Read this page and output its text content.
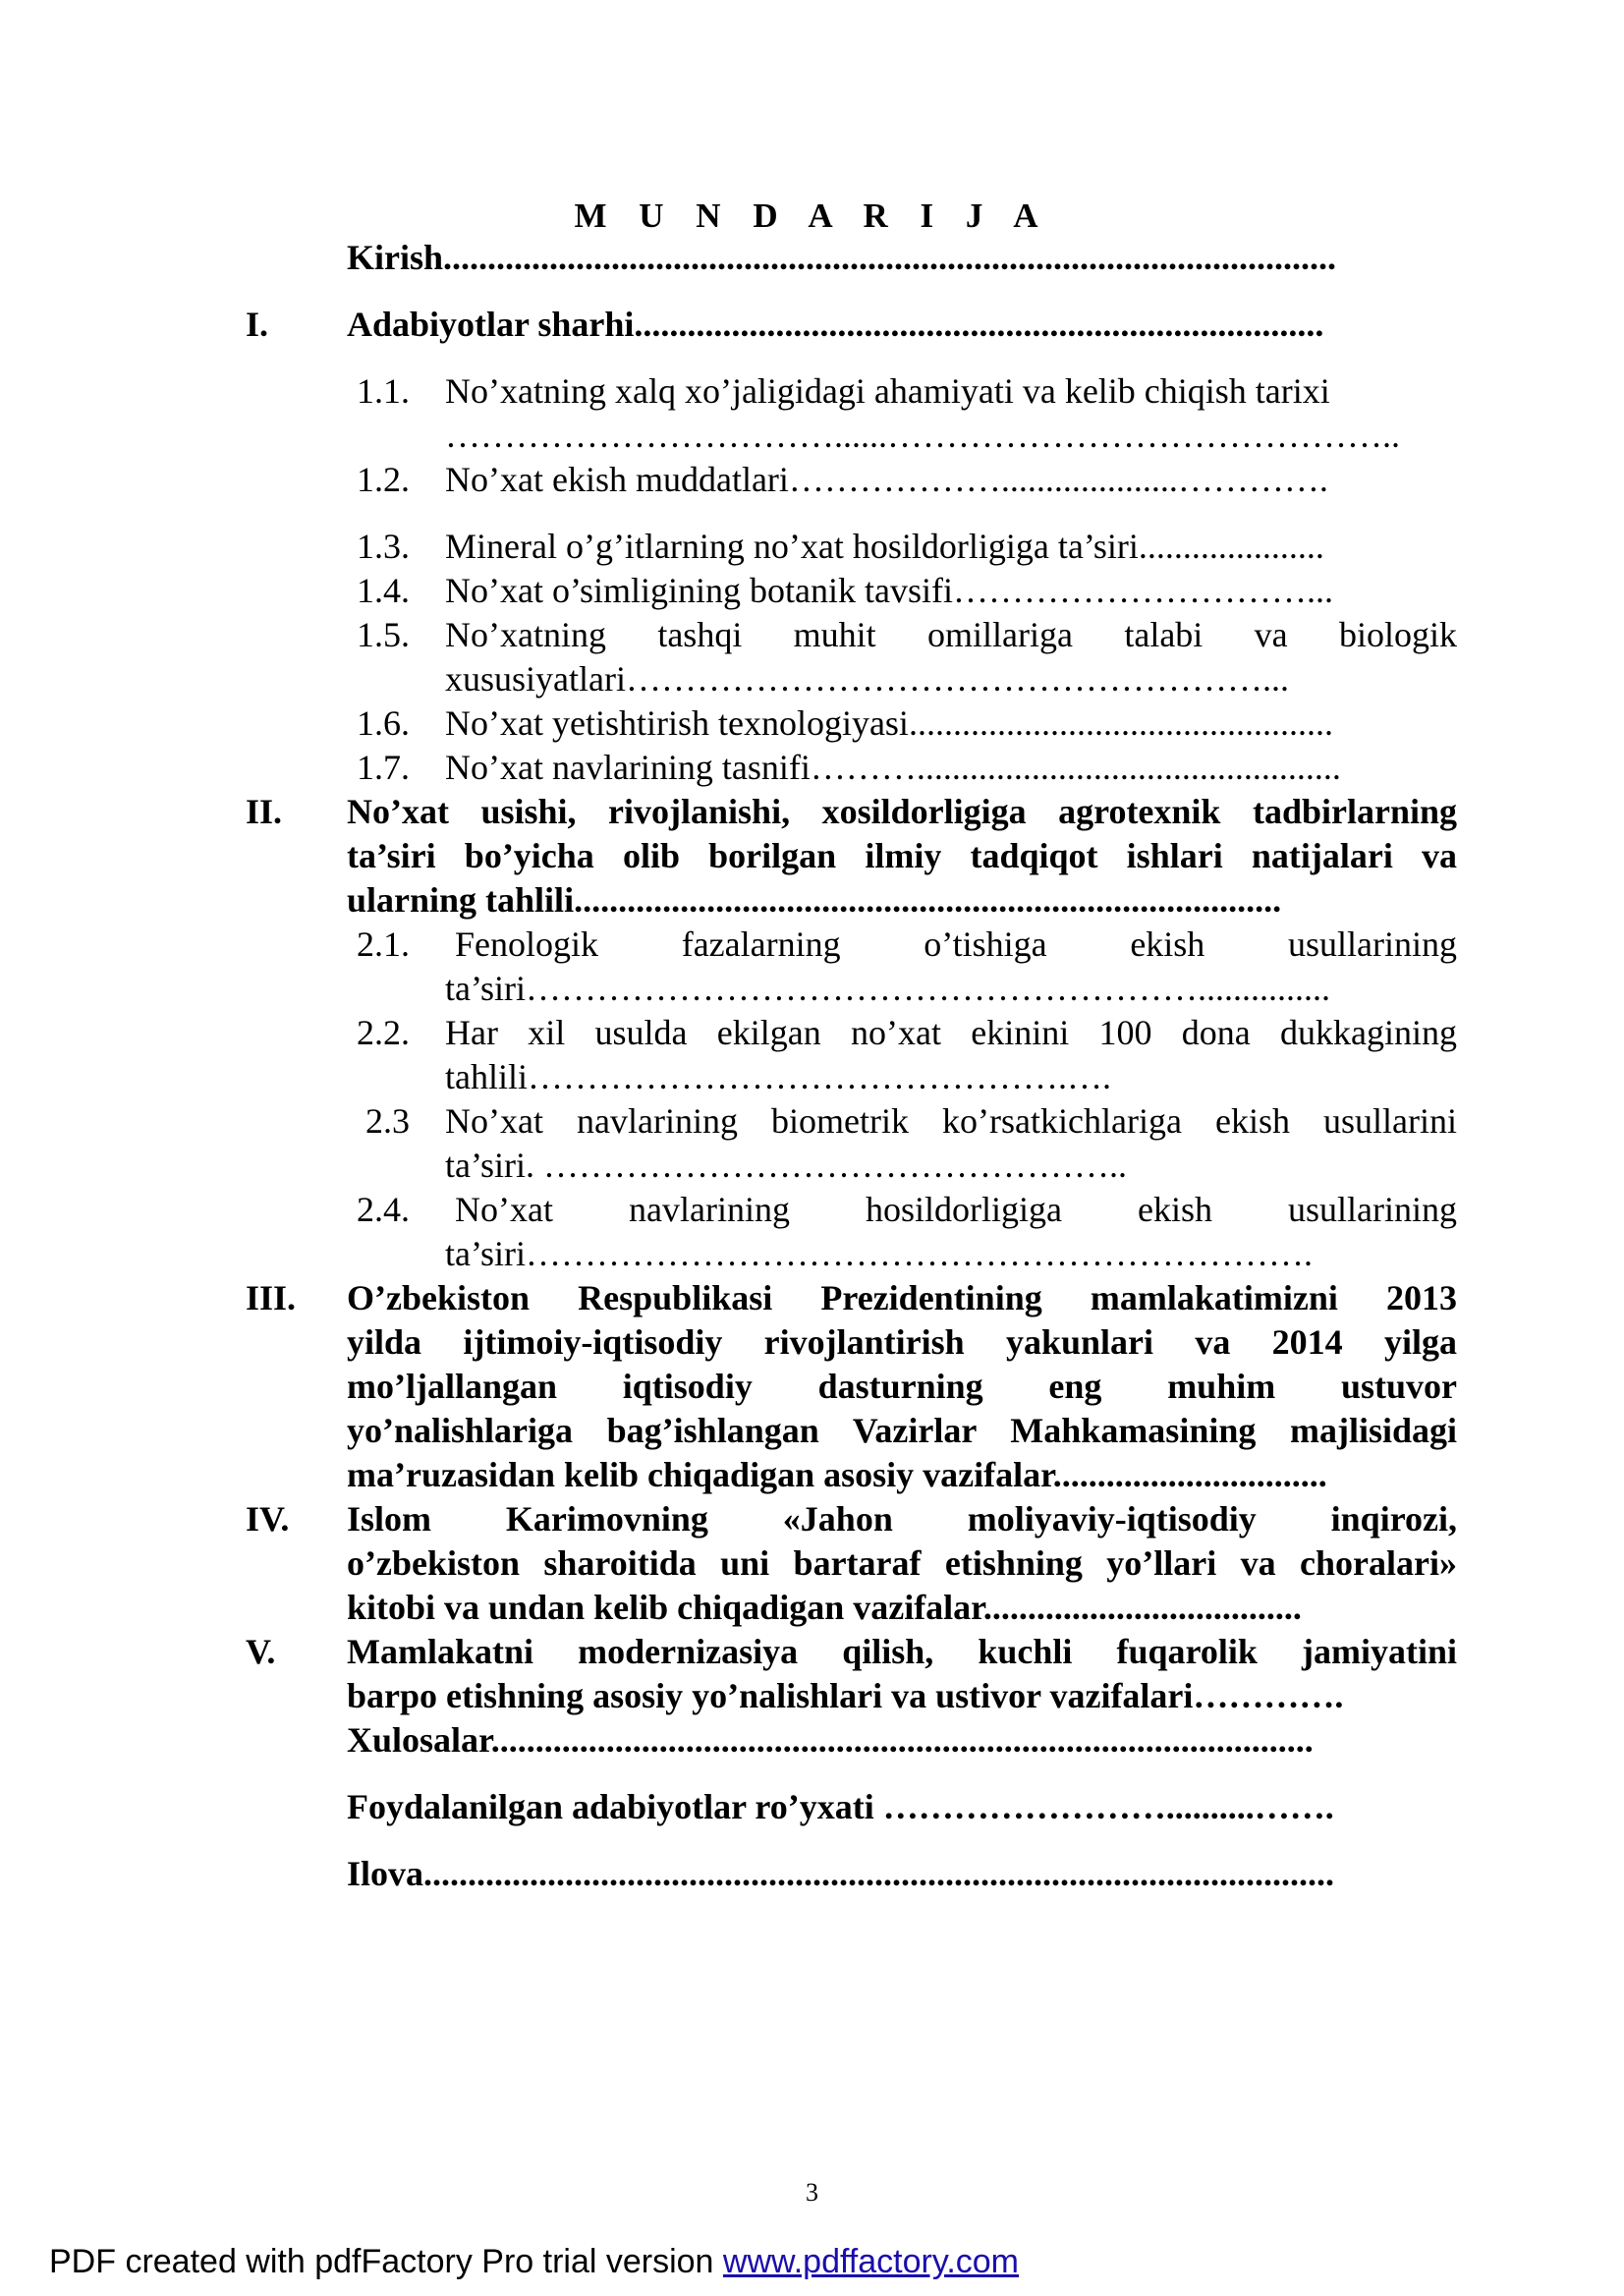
M U N D A R I J A
Kirish.....................................................................................................
I. Adabiyotlar sharhi..............................................................................
1.1. No’xatning xalq xo’jaligidagi ahamiyati va kelib chiqish tarixi
……………………………......……………………………………..
1.2. No’xat ekish muddatlari………………....................………….
1.3. Mineral o’g’itlarning no’xat hosildorligiga ta’siri.....................
1.4. No’xat o’simligining botanik tavsifi…………………………...
1.5. No’xatning tashqi muhit omillariga talabi va biologik
xususiyatlari………………………………………………...
1.6. No’xat yetishtirish texnologiyasi................................................
1.7. No’xat navlarining tasnifi………................................................
II. No’xat usishi, rivojlanishi, xosildorligiga agrotexnik tadbirlarning
ta’siri bo’yicha olib borilgan ilmiy tadqiqot ishlari natijalari va
ularning tahlili................................................................................
2.1. Fenologik fazalarning o’tishiga ekish usullarining
ta’siri…………………………………………………...............
2.2. Har xil usulda ekilgan no’xat ekinini 100 dona dukkagining
tahlili……………………………………….….
2.3 No’xat navlarining biometrik ko’rsatkichlariga ekish usullarini
ta’siri. …………………………………………..
2.4. No’xat navlarining hosildorligiga ekish usullarining
ta’siri………………………………………………………….
III. O’zbekiston Respublikasi Prezidentining mamlakatimizni 2013
yilda ijtimoiy-iqtisodiy rivojlantirish yakunlari va 2014 yilga
mo’ljallangan iqtisodiy dasturning eng muhim ustuvor
yo’nalishlariga bag’ishlangan Vazirlar Mahkamasining majlisidagi
ma’ruzasidan kelib chiqadigan asosiy vazifalar...............................
IV. Islom Karimovning «Jahon moliyaviy-iqtisodiy inqirozi,
o’zbekiston sharoitida uni bartaraf etishning yo’llari va choralari»
kitobi va undan kelib chiqadigan vazifalar....................................
V. Mamlakatni modernizasiya qilish, kuchli fuqarolik jamiyatini
barpo etishning asosiy yo’nalishlari va ustivor vazifalari………….
Xulosalar.............................................................................................
Foydalanilgan adabiyotlar ro’yxati ……………………..........…….
Ilova.......................................................................................................
3
PDF created with pdfFactory Pro trial version www.pdffactory.com
